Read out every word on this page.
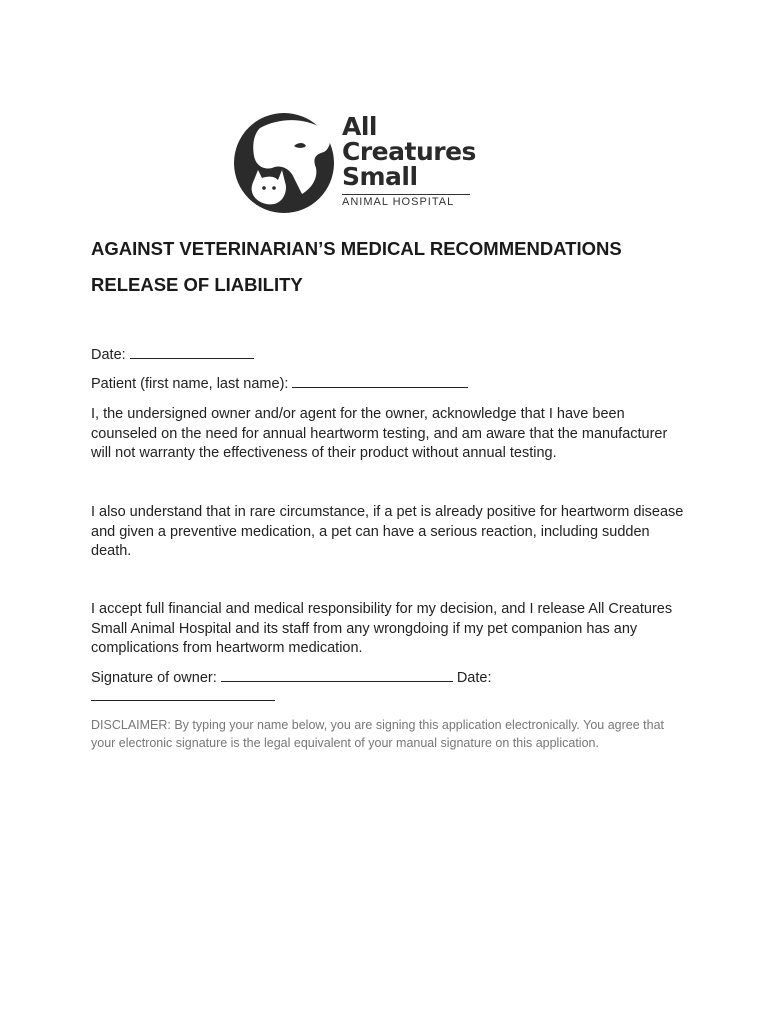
All
Creatures
Small
ANIMAL HOSPITAL
AGAINST VETERINARIAN’S MEDICAL RECOMMENDATIONS
RELEASE OF LIABILITY
Date:
Patient (first name, last name):
I, the undersigned owner and/or agent for the owner, acknowledge that I have been counseled on the need for annual heartworm testing, and am aware that the manufacturer will not warranty the effectiveness of their product without annual testing.
I also understand that in rare circumstance, if a pet is already positive for heartworm disease and given a preventive medication, a pet can have a serious reaction, including sudden death.
I accept full financial and medical responsibility for my decision, and I release All Creatures Small Animal Hospital and its staff from any wrongdoing if my pet companion has any complications from heartworm medication.
Signature of owner:	Date:
DISCLAIMER: By typing your name below, you are signing this application electronically. You agree that your electronic signature is the legal equivalent of your manual signature on this application.
